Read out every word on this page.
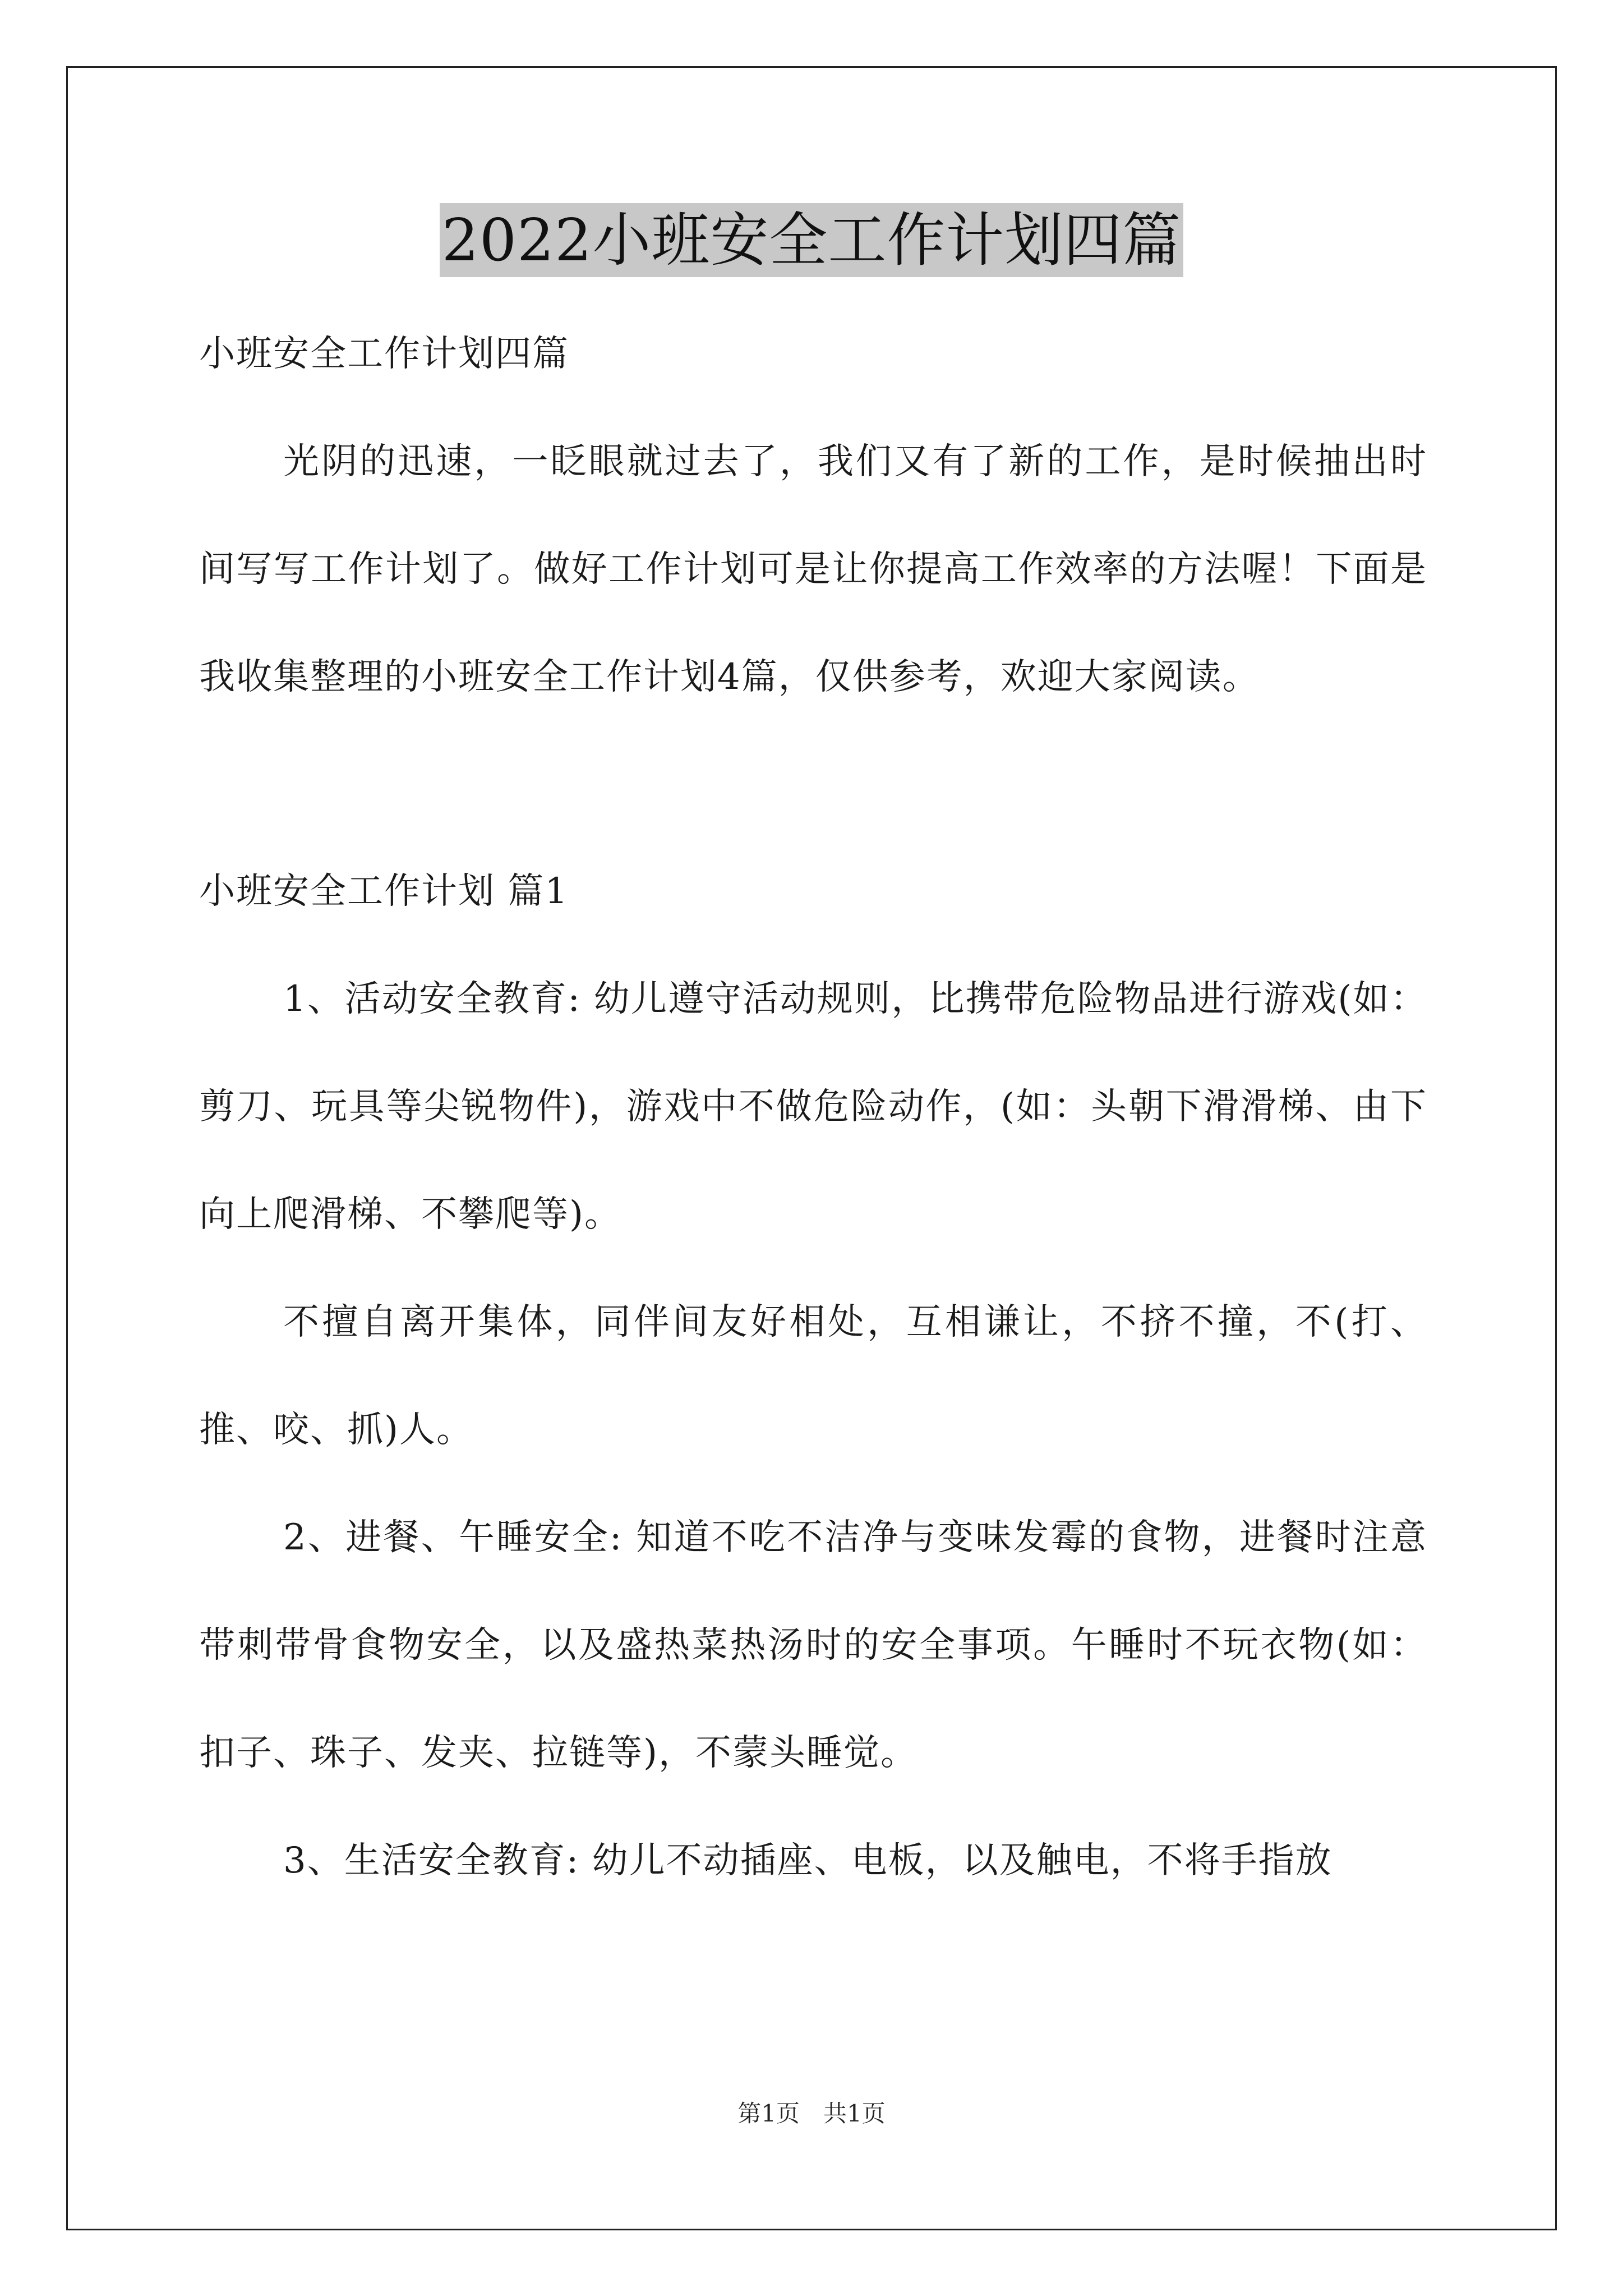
2022小班安全工作计划四篇

小班安全工作计划四篇

光阴的迅速，一眨眼就过去了，我们又有了新的工作，是时候抽出时间写写工作计划了。做好工作计划可是让你提高工作效率的方法喔！下面是我收集整理的小班安全工作计划4篇，仅供参考，欢迎大家阅读。

小班安全工作计划 篇1

1、活动安全教育: 幼儿遵守活动规则，比携带危险物品进行游戏(如：剪刀、玩具等尖锐物件)，游戏中不做危险动作，(如：头朝下滑滑梯、由下向上爬滑梯、不攀爬等)。

不擅自离开集体，同伴间友好相处，互相谦让，不挤不撞，不(打、推、咬、抓)人。

2、进餐、午睡安全: 知道不吃不洁净与变味发霉的食物，进餐时注意带刺带骨食物安全，以及盛热菜热汤时的安全事项。午睡时不玩衣物(如：扣子、珠子、发夹、拉链等)，不蒙头睡觉。

3、生活安全教育: 幼儿不动插座、电板，以及触电，不将手指放

第1页　共1页
